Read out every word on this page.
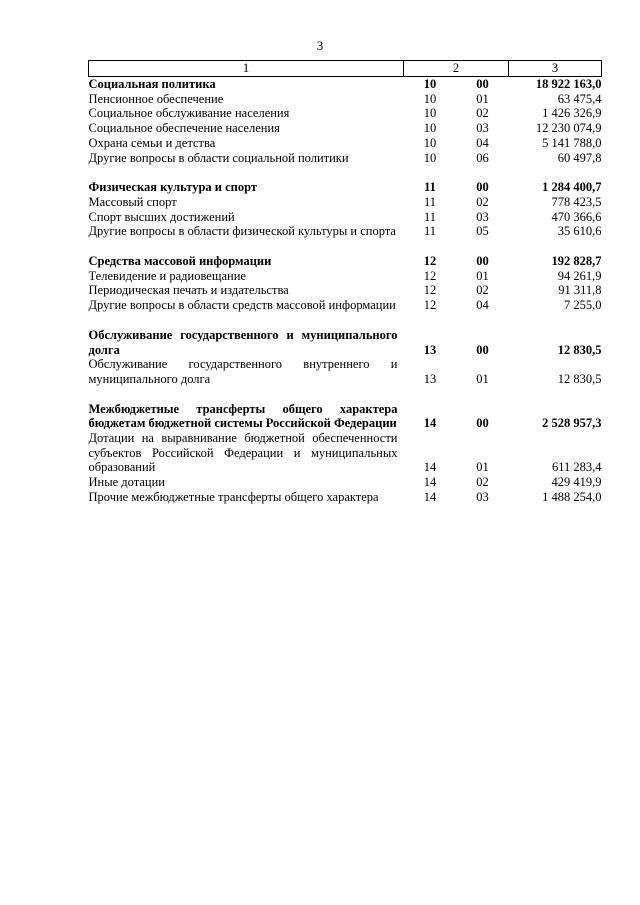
3
1	2		3
Социальная политика	10	00	18 922 163,0
Пенсионное обеспечение	10	01	63 475,4
Социальное обслуживание населения	10	02	1 426 326,9
Социальное обеспечение населения	10	03	12 230 074,9
Охрана семьи и детства	10	04	5 141 788,0
Другие вопросы в области социальной политики	10	06	60 497,8

Физическая культура и спорт	11	00	1 284 400,7
Массовый спорт	11	02	778 423,5
Спорт высших достижений	11	03	470 366,6
Другие вопросы в области физической культуры и спорта	11	05	35 610,6

Средства массовой информации	12	00	192 828,7
Телевидение и радиовещание	12	01	94 261,9
Периодическая печать и издательства	12	02	91 311,8
Другие вопросы в области средств массовой информации	12	04	7 255,0

Обслуживание государственного и муниципального долга	13	00	12 830,5
Обслуживание государственного внутреннего и муниципального долга	13	01	12 830,5

Межбюджетные трансферты общего характера бюджетам бюджетной системы Российской Федерации	14	00	2 528 957,3
Дотации на выравнивание бюджетной обеспеченности субъектов Российской Федерации и муниципальных образований	14	01	611 283,4
Иные дотации	14	02	429 419,9
Прочие межбюджетные трансферты общего характера	14	03	1 488 254,0
